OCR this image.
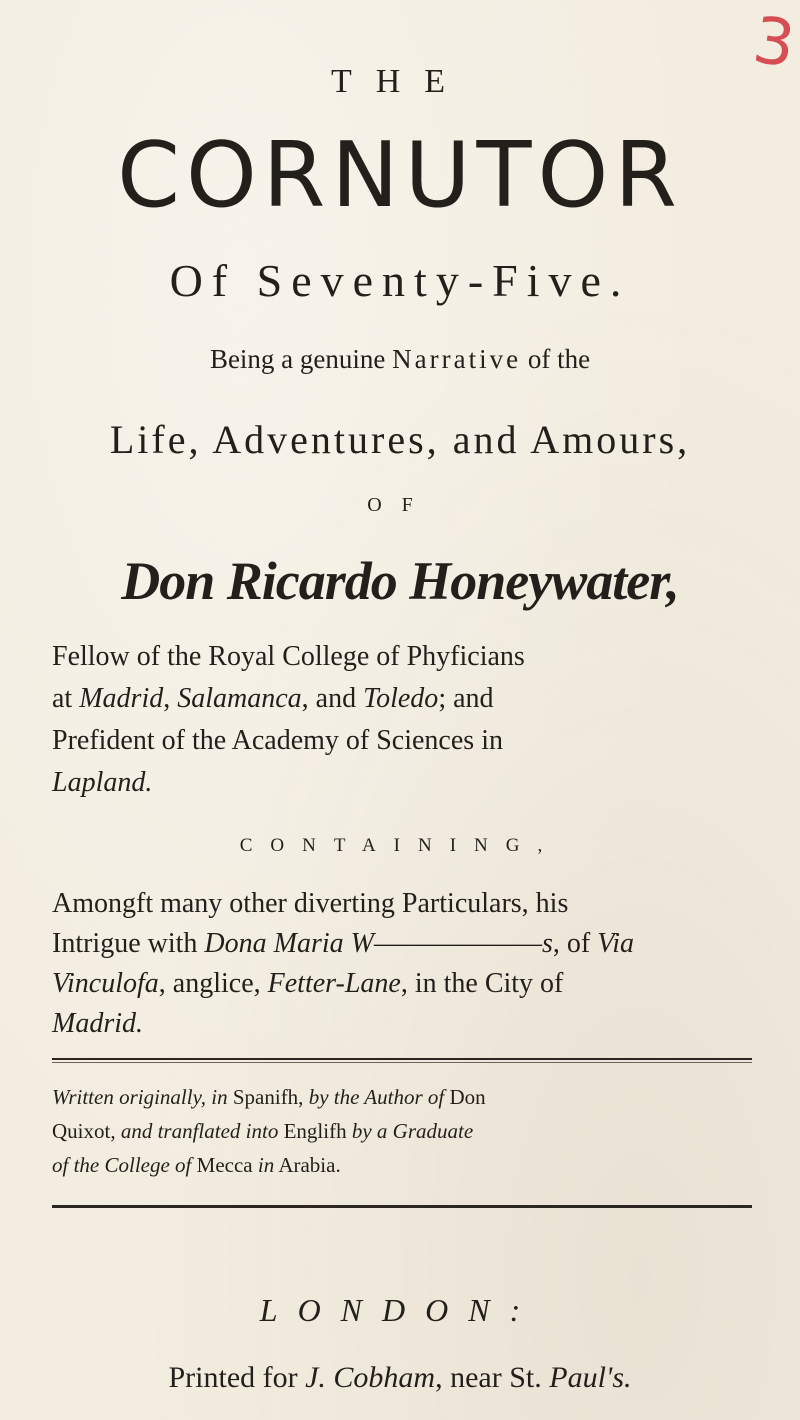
3
THE
CORNUTOR
Of Seventy-Five.
Being a genuine Narrative of the
Life, Adventures, and Amours,
OF
Don Ricardo Honeywater,
Fellow of the Royal College of Phyficians
at Madrid, Salamanca, and Toledo; and
Prefident of the Academy of Sciences in
Lapland.
CONTAINING,
Amongft many other diverting Particulars, his
Intrigue with Dona Maria W——————s, of Via
Vinculofa, anglice, Fetter-Lane, in the City of
Madrid.
Written originally, in Spanifh, by the Author of Don
Quixot, and tranflated into Englifh by a Graduate
of the College of Mecca in Arabia.
LONDON:
Printed for J. Cobham, near St. Paul's.
